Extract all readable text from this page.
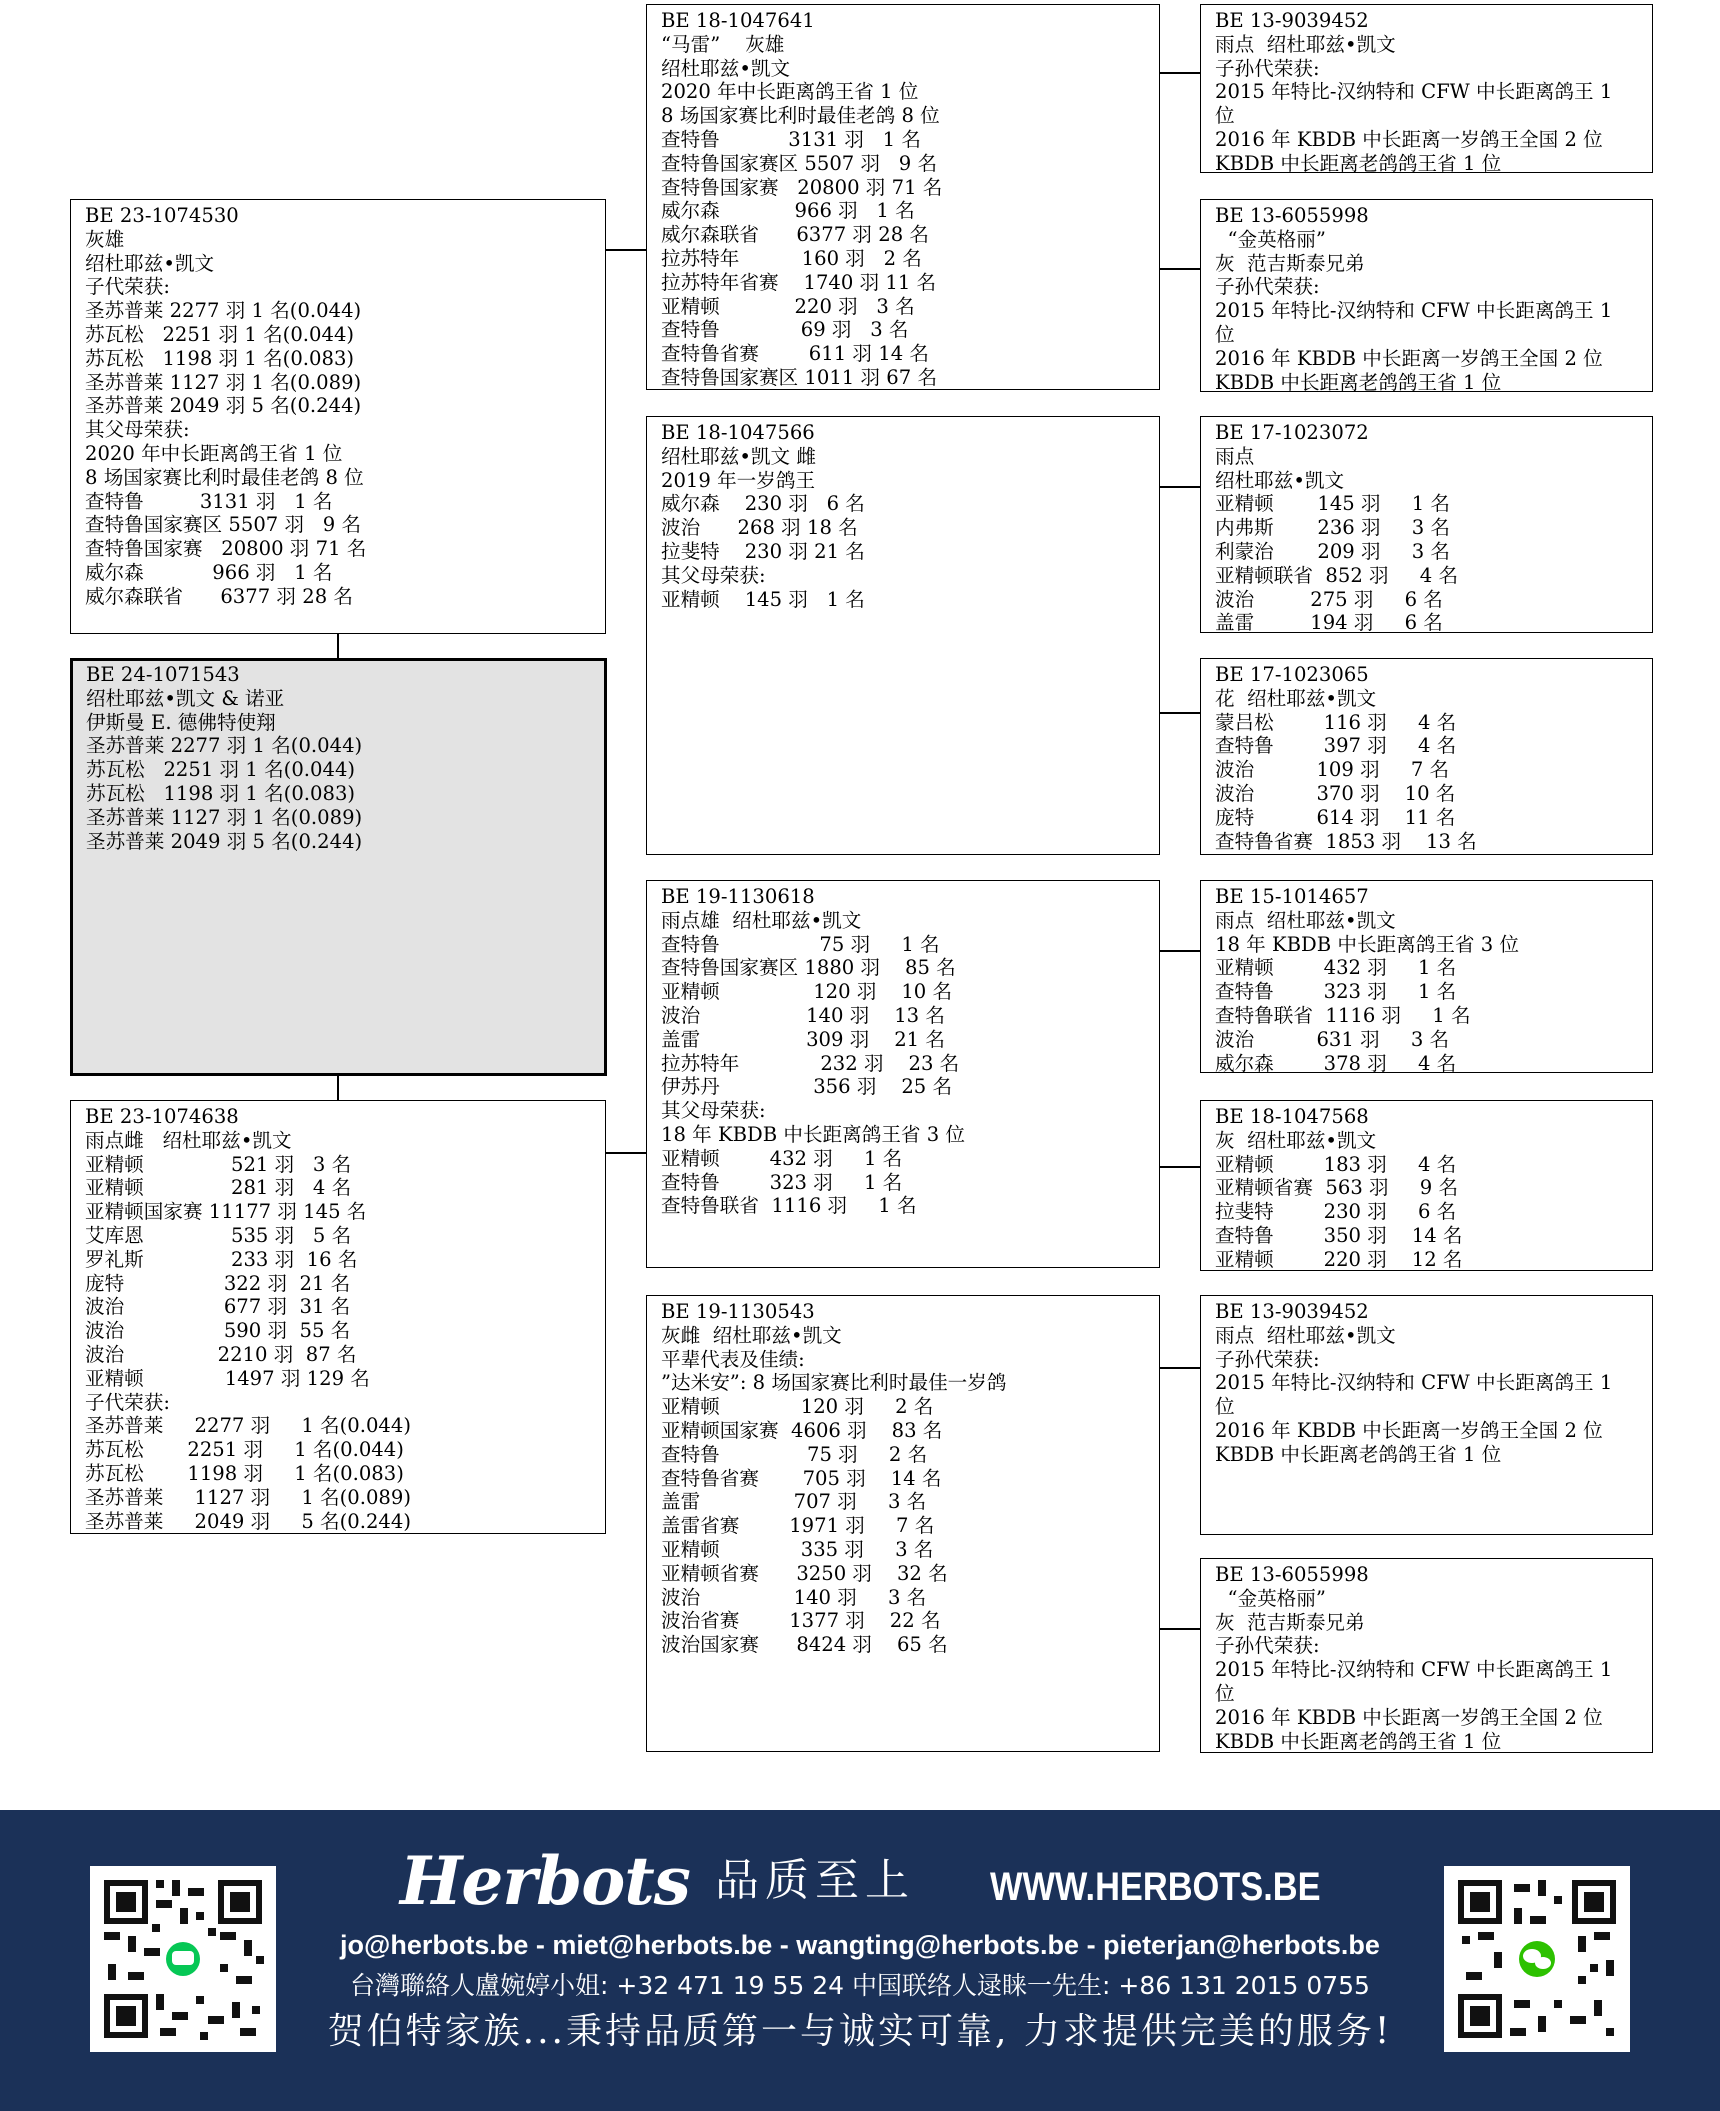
BE 18-1047641
“马雷”    灰雄
绍杜耶兹•凯文
2020 年中长距离鸽王省 1 位
8 场国家赛比利时最佳老鸽 8 位
查特鲁           3131 羽   1 名
查特鲁国家赛区 5507 羽   9 名
查特鲁国家赛   20800 羽 71 名
威尔森            966 羽   1 名
威尔森联省      6377 羽 28 名
拉苏特年          160 羽   2 名
拉苏特年省赛    1740 羽 11 名
亚精顿            220 羽   3 名
查特鲁             69 羽   3 名
查特鲁省赛        611 羽 14 名
查特鲁国家赛区 1011 羽 67 名
BE 18-1047566
绍杜耶兹•凯文 雌
2019 年一岁鸽王
威尔森    230 羽   6 名
波治      268 羽 18 名
拉斐特    230 羽 21 名
其父母荣获:
亚精顿    145 羽   1 名
BE 19-1130618
雨点雄  绍杜耶兹•凯文
查特鲁                75 羽     1 名
查特鲁国家赛区 1880 羽    85 名
亚精顿               120 羽    10 名
波治                 140 羽    13 名
盖雷                 309 羽    21 名
拉苏特年             232 羽    23 名
伊苏丹               356 羽    25 名
其父母荣获:
18 年 KBDB 中长距离鸽王省 3 位
亚精顿        432 羽     1 名
查特鲁        323 羽     1 名
查特鲁联省  1116 羽     1 名
BE 19-1130543
灰雌  绍杜耶兹•凯文
平辈代表及佳绩:
”达米安”: 8 场国家赛比利时最佳一岁鸽
亚精顿             120 羽     2 名
亚精顿国家赛  4606 羽    83 名
查特鲁              75 羽     2 名
查特鲁省赛       705 羽    14 名
盖雷               707 羽     3 名
盖雷省赛        1971 羽     7 名
亚精顿             335 羽     3 名
亚精顿省赛      3250 羽    32 名
波治               140 羽     3 名
波治省赛        1377 羽    22 名
波治国家赛      8424 羽    65 名
BE 23-1074530
灰雄
绍杜耶兹•凯文
子代荣获:
圣苏普莱 2277 羽 1 名(0.044)
苏瓦松   2251 羽 1 名(0.044)
苏瓦松   1198 羽 1 名(0.083)
圣苏普莱 1127 羽 1 名(0.089)
圣苏普莱 2049 羽 5 名(0.244)
其父母荣获:
2020 年中长距离鸽王省 1 位
8 场国家赛比利时最佳老鸽 8 位
查特鲁         3131 羽   1 名
查特鲁国家赛区 5507 羽   9 名
查特鲁国家赛   20800 羽 71 名
威尔森           966 羽   1 名
威尔森联省      6377 羽 28 名
BE 24-1071543
绍杜耶兹•凯文 & 诺亚
伊斯曼 E. 德佛特使翔
圣苏普莱 2277 羽 1 名(0.044)
苏瓦松   2251 羽 1 名(0.044)
苏瓦松   1198 羽 1 名(0.083)
圣苏普莱 1127 羽 1 名(0.089)
圣苏普莱 2049 羽 5 名(0.244)
BE 23-1074638
雨点雌   绍杜耶兹•凯文
亚精顿              521 羽   3 名
亚精顿              281 羽   4 名
亚精顿国家赛 11177 羽 145 名
艾库恩              535 羽   5 名
罗礼斯              233 羽  16 名
庞特                322 羽  21 名
波治                677 羽  31 名
波治                590 羽  55 名
波治               2210 羽  87 名
亚精顿             1497 羽 129 名
子代荣获:
圣苏普莱     2277 羽     1 名(0.044)
苏瓦松       2251 羽     1 名(0.044)
苏瓦松       1198 羽     1 名(0.083)
圣苏普莱     1127 羽     1 名(0.089)
圣苏普莱     2049 羽     5 名(0.244)
BE 13-9039452
雨点  绍杜耶兹•凯文
子孙代荣获:
2015 年特比-汉纳特和 CFW 中长距离鸽王 1
位
2016 年 KBDB 中长距离一岁鸽王全国 2 位
KBDB 中长距离老鸽鸽王省 1 位
BE 13-6055998
“金英格丽”
灰  范吉斯泰兄弟
子孙代荣获:
2015 年特比-汉纳特和 CFW 中长距离鸽王 1
位
2016 年 KBDB 中长距离一岁鸽王全国 2 位
KBDB 中长距离老鸽鸽王省 1 位
BE 17-1023072
雨点
绍杜耶兹•凯文
亚精顿       145 羽     1 名
内弗斯       236 羽     3 名
利蒙治       209 羽     3 名
亚精顿联省  852 羽     4 名
波治         275 羽     6 名
盖雷         194 羽     6 名
BE 17-1023065
花  绍杜耶兹•凯文
蒙吕松        116 羽     4 名
查特鲁        397 羽     4 名
波治          109 羽     7 名
波治          370 羽    10 名
庞特          614 羽    11 名
查特鲁省赛  1853 羽    13 名
BE 15-1014657
雨点  绍杜耶兹•凯文
18 年 KBDB 中长距离鸽王省 3 位
亚精顿        432 羽     1 名
查特鲁        323 羽     1 名
查特鲁联省  1116 羽     1 名
波治          631 羽     3 名
威尔森        378 羽     4 名
BE 18-1047568
灰  绍杜耶兹•凯文
亚精顿        183 羽     4 名
亚精顿省赛  563 羽     9 名
拉斐特        230 羽     6 名
查特鲁        350 羽    14 名
亚精顿        220 羽    12 名
BE 13-9039452
雨点  绍杜耶兹•凯文
子孙代荣获:
2015 年特比-汉纳特和 CFW 中长距离鸽王 1
位
2016 年 KBDB 中长距离一岁鸽王全国 2 位
KBDB 中长距离老鸽鸽王省 1 位
BE 13-6055998
“金英格丽”
灰  范吉斯泰兄弟
子孙代荣获:
2015 年特比-汉纳特和 CFW 中长距离鸽王 1
位
2016 年 KBDB 中长距离一岁鸽王全国 2 位
KBDB 中长距离老鸽鸽王省 1 位
Herbots 品质至上 WWW.HERBOTS.BE
jo@herbots.be - miet@herbots.be - wangting@herbots.be - pieterjan@herbots.be
台灣聯絡人盧婉婷小姐: +32 471 19 55 24 中国联络人逯睐一先生: +86 131 2015 0755
贺伯特家族...秉持品质第一与诚实可靠, 力求提供完美的服务!
